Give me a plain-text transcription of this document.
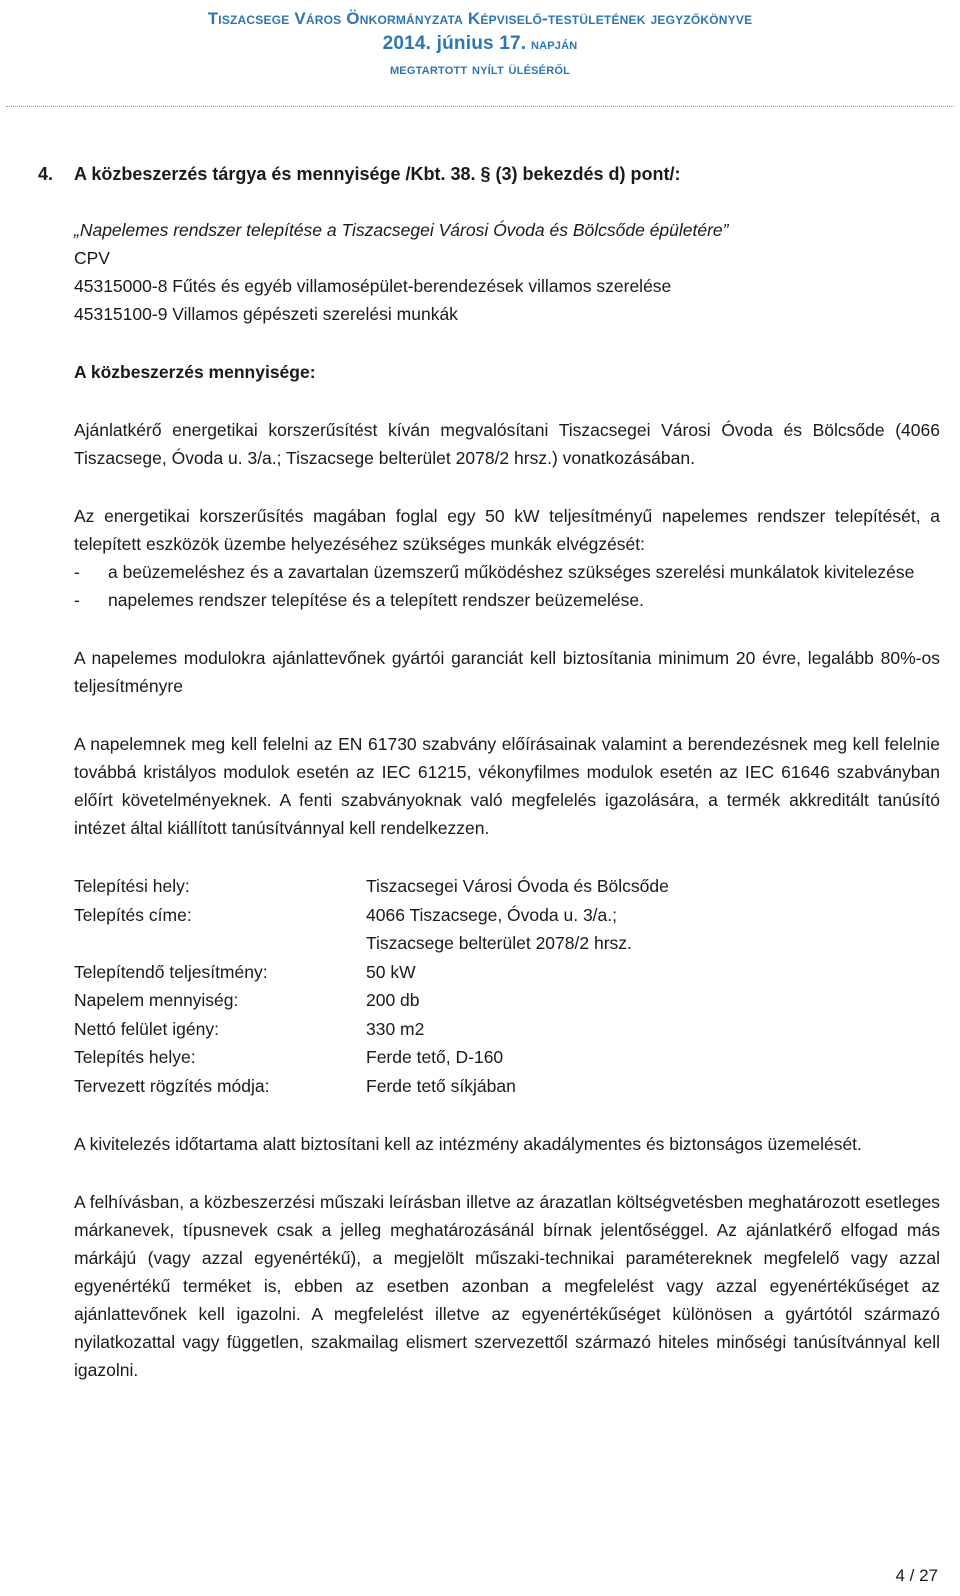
Tiszacsege Város Önkormányzata Képviselő-testületének jegyzőkönyve
2014. június 17. napján
megtartott nyílt üléséről
4. A közbeszerzés tárgya és mennyisége /Kbt. 38. § (3) bekezdés d) pont/:

„Napelemes rendszer telepítése a Tiszacsegei Városi Óvoda és Bölcsőde épületére”

CPV

45315000-8 Fűtés és egyéb villamosépület-berendezések villamos szerelése

45315100-9 Villamos gépészeti szerelési munkák

A közbeszerzés mennyisége:

Ajánlatkérő energetikai korszerűsítést kíván megvalósítani Tiszacsegei Városi Óvoda és Bölcsőde (4066 Tiszacsege, Óvoda u. 3/a.; Tiszacsege belterület 2078/2 hrsz.) vonatkozásában.

Az energetikai korszerűsítés magában foglal egy 50 kW teljesítményű napelemes rendszer telepítését, a telepített eszközök üzembe helyezéséhez szükséges munkák elvégzését:

- a beüzemeléshez és a zavartalan üzemszerű működéshez szükséges szerelési munkálatok kivitelezése
- napelemes rendszer telepítése és a telepített rendszer beüzemelése.

A napelemes modulokra ajánlattevőnek gyártói garanciát kell biztosítania minimum 20 évre, legalább 80%-os teljesítményre

A napelemnek meg kell felelni az EN 61730 szabvány előírásainak valamint a berendezésnek meg kell felelnie továbbá kristályos modulok esetén az IEC 61215, vékonyfilmes modulok esetén az IEC 61646 szabványban előírt követelményeknek. A fenti szabványoknak való megfelelés igazolására, a termék akkreditált tanúsító intézet által kiállított tanúsítvánnyal kell rendelkezzen.

Telepítési hely:	Tiszacsegei Városi Óvoda és Bölcsőde
Telepítés címe:	4066 Tiszacsege, Óvoda u. 3/a.;
	Tiszacsege belterület 2078/2 hrsz.
Telepítendő teljesítmény:	50 kW
Napelem mennyiség:	200 db
Nettó felület igény:	330 m2
Telepítés helye:	Ferde tető, D-160
Tervezett rögzítés módja:	Ferde tető síkjában

A kivitelezés időtartama alatt biztosítani kell az intézmény akadálymentes és biztonságos üzemelését.

A felhívásban, a közbeszerzési műszaki leírásban illetve az árazatlan költségvetésben meghatározott esetleges márkanevek, típusnevek csak a jelleg meghatározásánál bírnak jelentőséggel. Az ajánlatkérő elfogad más márkájú (vagy azzal egyenértékű), a megjelölt műszaki-technikai paramétereknek megfelelő vagy azzal egyenértékű terméket is, ebben az esetben azonban a megfelelést vagy azzal egyenértékűséget az ajánlattevőnek kell igazolni. A megfelelést illetve az egyenértékűséget különösen a gyártótól származó nyilatkozattal vagy független, szakmailag elismert szervezettől származó hiteles minőségi tanúsítvánnyal kell igazolni.

4 / 27
